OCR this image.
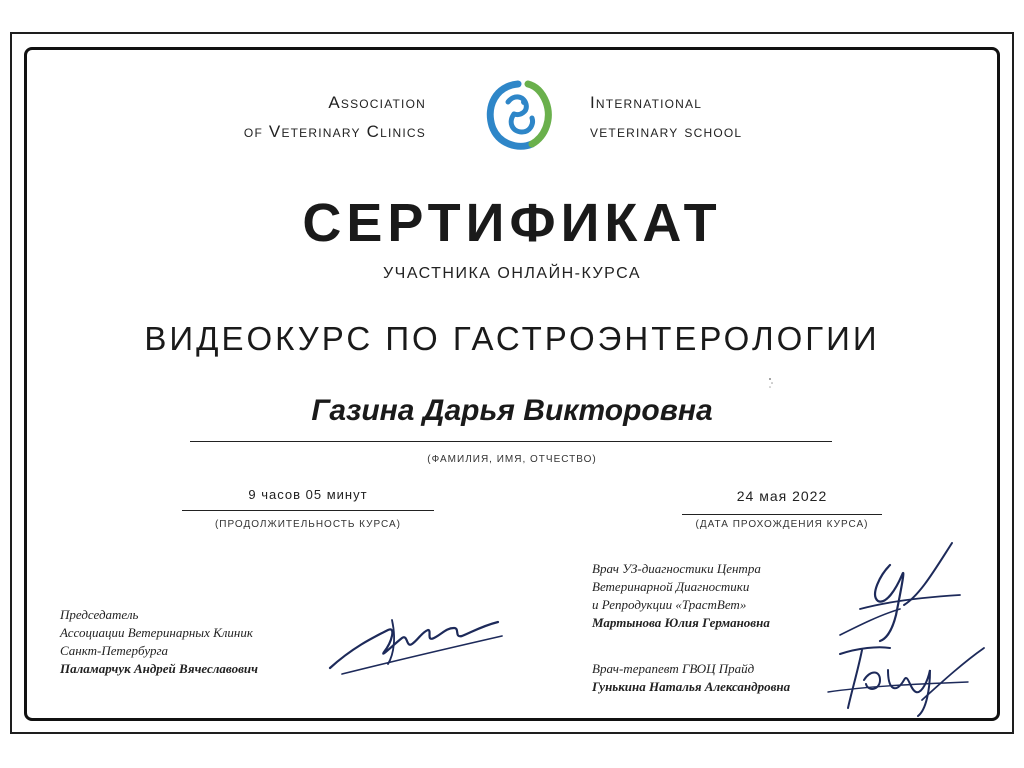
Association
of Veterinary Clinics
International
veterinary school
СЕРТИФИКАТ
УЧАСТНИКА ОНЛАЙН-КУРСА
ВИДЕОКУРС ПО ГАСТРОЭНТЕРОЛОГИИ
Газина Дарья Викторовна
(ФАМИЛИЯ, ИМЯ, ОТЧЕСТВО)
9 часов 05 минут
(ПРОДОЛЖИТЕЛЬНОСТЬ КУРСА)
24 мая 2022
(ДАТА ПРОХОЖДЕНИЯ КУРСА)
Председатель
Ассоциации Ветеринарных Клиник
Санкт-Петербурга
Паламарчук Андрей Вячеславович
Врач УЗ-диагностики Центра
Ветеринарной Диагностики
и Репродукции «ТрастВет»
Мартынова Юлия Германовна
Врач-терапевт ГВОЦ Прайд
Гунькина Наталья Александровна
